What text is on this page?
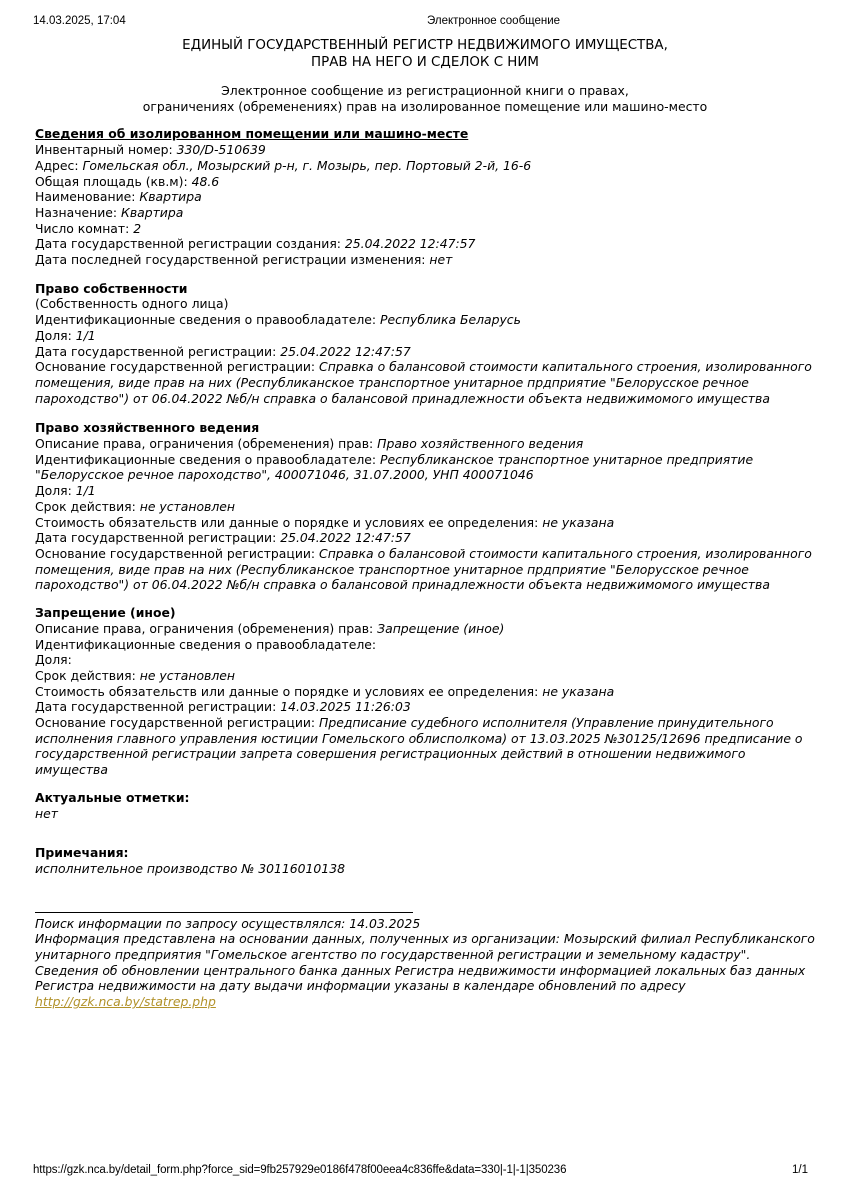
14.03.2025, 17:04	Электронное сообщение
ЕДИНЫЙ ГОСУДАРСТВЕННЫЙ РЕГИСТР НЕДВИЖИМОГО ИМУЩЕСТВА,
ПРАВ НА НЕГО И СДЕЛОК С НИМ
Электронное сообщение из регистрационной книги о правах,
ограничениях (обременениях) прав на изолированное помещение или машино-место
Сведения об изолированном помещении или машино-месте
Инвентарный номер: 330/D-510639
Адрес: Гомельская обл., Мозырский р-н, г. Мозырь, пер. Портовый 2-й, 16-6
Общая площадь (кв.м): 48.6
Наименование: Квартира
Назначение: Квартира
Число комнат: 2
Дата государственной регистрации создания: 25.04.2022 12:47:57
Дата последней государственной регистрации изменения: нет
Право собственности
(Собственность одного лица)
Идентификационные сведения о правообладателе: Республика Беларусь
Доля: 1/1
Дата государственной регистрации: 25.04.2022 12:47:57
Основание государственной регистрации: Справка о балансовой стоимости капитального строения, изолированного помещения, виде прав на них (Республиканское транспортное унитарное прдприятие "Белорусское речное пароходство") от 06.04.2022 №б/н справка о балансовой принадлежности объекта недвижимомого имущества
Право хозяйственного ведения
Описание права, ограничения (обременения) прав: Право хозяйственного ведения
Идентификационные сведения о правообладателе: Республиканское транспортное унитарное предприятие "Белорусское речное пароходство", 400071046, 31.07.2000, УНП 400071046
Доля: 1/1
Срок действия: не установлен
Стоимость обязательств или данные о порядке и условиях ее определения: не указана
Дата государственной регистрации: 25.04.2022 12:47:57
Основание государственной регистрации: Справка о балансовой стоимости капитального строения, изолированного помещения, виде прав на них (Республиканское транспортное унитарное прдприятие "Белорусское речное пароходство") от 06.04.2022 №б/н справка о балансовой принадлежности объекта недвижимомого имущества
Запрещение (иное)
Описание права, ограничения (обременения) прав: Запрещение (иное)
Идентификационные сведения о правообладателе:
Доля:
Срок действия: не установлен
Стоимость обязательств или данные о порядке и условиях ее определения: не указана
Дата государственной регистрации: 14.03.2025 11:26:03
Основание государственной регистрации: Предписание судебного исполнителя (Управление принудительного исполнения главного управления юстиции Гомельского облисполкома) от 13.03.2025 №30125/12696 предписание о государственной регистрации запрета совершения регистрационных действий в отношении недвижимого имущества
Актуальные отметки:
нет
Примечания:
исполнительное производство № 30116010138
Поиск информации по запросу осуществлялся: 14.03.2025
Информация представлена на основании данных, полученных из организации: Мозырский филиал Республиканского унитарного предприятия "Гомельское агентство по государственной регистрации и земельному кадастру".
Сведения об обновлении центрального банка данных Регистра недвижимости информацией локальных баз данных Регистра недвижимости на дату выдачи информации указаны в календаре обновлений по адресу
http://gzk.nca.by/statrep.php
https://gzk.nca.by/detail_form.php?force_sid=9fb257929e0186f478f00eea4c836ffe&data=330|-1|-1|350236	1/1
